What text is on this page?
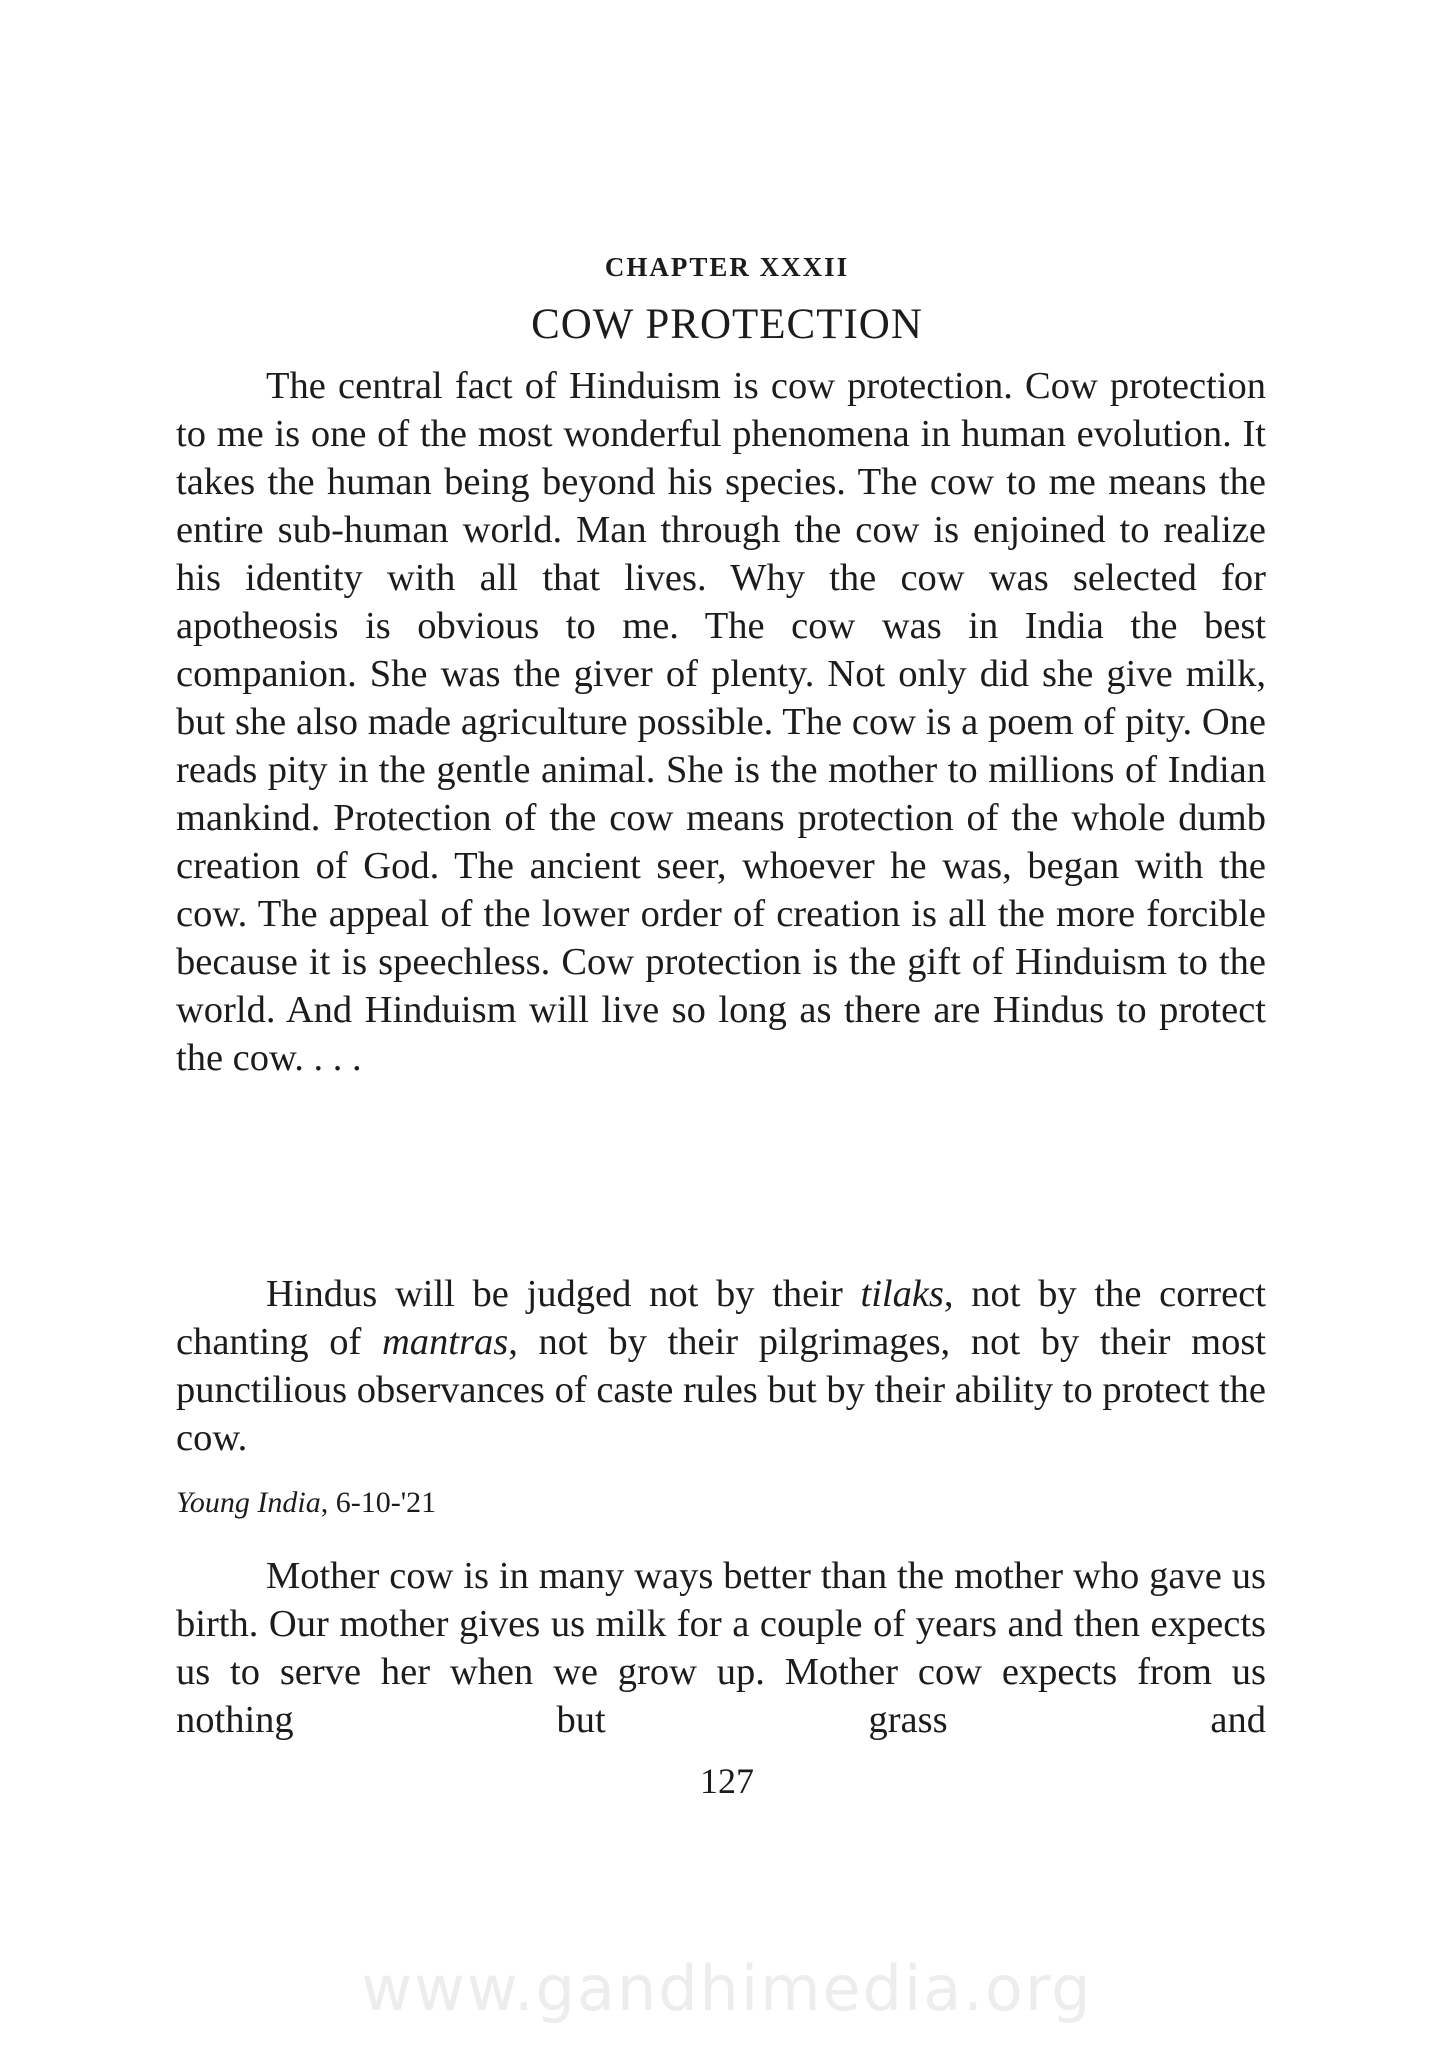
CHAPTER XXXII
COW PROTECTION

The central fact of Hinduism is cow protection. Cow protection to me is one of the most wonderful phenomena in human evolution. It takes the human being beyond his species. The cow to me means the entire sub-human world. Man through the cow is enjoined to realize his identity with all that lives. Why the cow was selected for apotheosis is obvious to me. The cow was in India the best companion. She was the giver of plenty. Not only did she give milk, but she also made agriculture possible. The cow is a poem of pity. One reads pity in the gentle animal. She is the mother to millions of Indian mankind. Protection of the cow means protection of the whole dumb creation of God. The ancient seer, whoever he was, began with the cow. The appeal of the lower order of creation is all the more forcible because it is speechless. Cow protection is the gift of Hinduism to the world. And Hinduism will live so long as there are Hindus to protect the cow. . . .

Hindus will be judged not by their tilaks, not by the correct chanting of mantras, not by their pilgrimages, not by their most punctilious observances of caste rules but by their ability to protect the cow.

Young India, 6-10-'21

Mother cow is in many ways better than the mother who gave us birth. Our mother gives us milk for a couple of years and then expects us to serve her when we grow up. Mother cow expects from us nothing but grass and

127
www.gandhimedia.org
